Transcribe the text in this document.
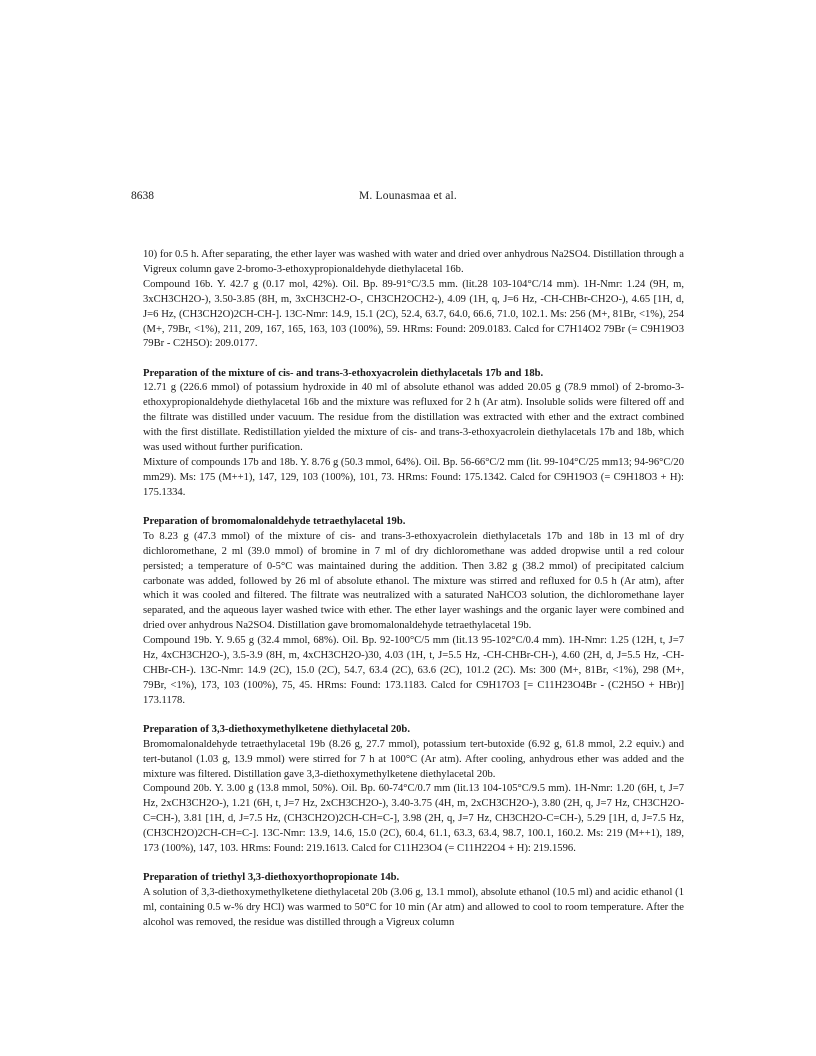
8638	M. Lounasmaa et al.

10) for 0.5 h. After separating, the ether layer was washed with water and dried over anhydrous Na2SO4. Distillation through a Vigreux column gave 2-bromo-3-ethoxypropionaldehyde diethylacetal 16b.

Compound 16b. Y. 42.7 g (0.17 mol, 42%). Oil. Bp. 89-91°C/3.5 mm. (lit.28 103-104°C/14 mm). 1H-Nmr: 1.24 (9H, m, 3xCH3CH2O-), 3.50-3.85 (8H, m, 3xCH3CH2-O-, CH3CH2OCH2-), 4.09 (1H, q, J=6 Hz, -CH-CHBr-CH2O-), 4.65 [1H, d, J=6 Hz, (CH3CH2O)2CH-CH-]. 13C-Nmr: 14.9, 15.1 (2C), 52.4, 63.7, 64.0, 66.6, 71.0, 102.1. Ms: 256 (M+, 81Br, <1%), 254 (M+, 79Br, <1%), 211, 209, 167, 165, 163, 103 (100%), 59. HRms: Found: 209.0183. Calcd for C7H14O2 79Br (= C9H19O3 79Br - C2H5O): 209.0177.

Preparation of the mixture of cis- and trans-3-ethoxyacrolein diethylacetals 17b and 18b.

12.71 g (226.6 mmol) of potassium hydroxide in 40 ml of absolute ethanol was added 20.05 g (78.9 mmol) of 2-bromo-3-ethoxypropionaldehyde diethylacetal 16b and the mixture was refluxed for 2 h (Ar atm). Insoluble solids were filtered off and the filtrate was distilled under vacuum. The residue from the distillation was extracted with ether and the extract combined with the first distillate. Redistillation yielded the mixture of cis- and trans-3-ethoxyacrolein diethylacetals 17b and 18b, which was used without further purification.

Mixture of compounds 17b and 18b. Y. 8.76 g (50.3 mmol, 64%). Oil. Bp. 56-66°C/2 mm (lit. 99-104°C/25 mm13; 94-96°C/20 mm29). Ms: 175 (M++1), 147, 129, 103 (100%), 101, 73. HRms: Found: 175.1342. Calcd for C9H19O3 (= C9H18O3 + H): 175.1334.

Preparation of bromomalonaldehyde tetraethylacetal 19b.

To 8.23 g (47.3 mmol) of the mixture of cis- and trans-3-ethoxyacrolein diethylacetals 17b and 18b in 13 ml of dry dichloromethane, 2 ml (39.0 mmol) of bromine in 7 ml of dry dichloromethane was added dropwise until a red colour persisted; a temperature of 0-5°C was maintained during the addition. Then 3.82 g (38.2 mmol) of precipitated calcium carbonate was added, followed by 26 ml of absolute ethanol. The mixture was stirred and refluxed for 0.5 h (Ar atm), after which it was cooled and filtered. The filtrate was neutralized with a saturated NaHCO3 solution, the dichloromethane layer separated, and the aqueous layer washed twice with ether. The ether layer washings and the organic layer were combined and dried over anhydrous Na2SO4. Distillation gave bromomalonaldehyde tetraethylacetal 19b.

Compound 19b. Y. 9.65 g (32.4 mmol, 68%). Oil. Bp. 92-100°C/5 mm (lit.13 95-102°C/0.4 mm). 1H-Nmr: 1.25 (12H, t, J=7 Hz, 4xCH3CH2O-), 3.5-3.9 (8H, m, 4xCH3CH2O-)30, 4.03 (1H, t, J=5.5 Hz, -CH-CHBr-CH-), 4.60 (2H, d, J=5.5 Hz, -CH-CHBr-CH-). 13C-Nmr: 14.9 (2C), 15.0 (2C), 54.7, 63.4 (2C), 63.6 (2C), 101.2 (2C). Ms: 300 (M+, 81Br, <1%), 298 (M+, 79Br, <1%), 173, 103 (100%), 75, 45. HRms: Found: 173.1183. Calcd for C9H17O3 [= C11H23O4Br - (C2H5O + HBr)] 173.1178.

Preparation of 3,3-diethoxymethylketene diethylacetal 20b.

Bromomalonaldehyde tetraethylacetal 19b (8.26 g, 27.7 mmol), potassium tert-butoxide (6.92 g, 61.8 mmol, 2.2 equiv.) and tert-butanol (1.03 g, 13.9 mmol) were stirred for 7 h at 100°C (Ar atm). After cooling, anhydrous ether was added and the mixture was filtered. Distillation gave 3,3-diethoxymethylketene diethylacetal 20b.

Compound 20b. Y. 3.00 g (13.8 mmol, 50%). Oil. Bp. 60-74°C/0.7 mm (lit.13 104-105°C/9.5 mm). 1H-Nmr: 1.20 (6H, t, J=7 Hz, 2xCH3CH2O-), 1.21 (6H, t, J=7 Hz, 2xCH3CH2O-), 3.40-3.75 (4H, m, 2xCH3CH2O-), 3.80 (2H, q, J=7 Hz, CH3CH2O-C=CH-), 3.81 [1H, d, J=7.5 Hz, (CH3CH2O)2CH-CH=C-], 3.98 (2H, q, J=7 Hz, CH3CH2O-C=CH-), 5.29 [1H, d, J=7.5 Hz, (CH3CH2O)2CH-CH=C-]. 13C-Nmr: 13.9, 14.6, 15.0 (2C), 60.4, 61.1, 63.3, 63.4, 98.7, 100.1, 160.2. Ms: 219 (M++1), 189, 173 (100%), 147, 103. HRms: Found: 219.1613. Calcd for C11H23O4 (= C11H22O4 + H): 219.1596.

Preparation of triethyl 3,3-diethoxyorthopropionate 14b.

A solution of 3,3-diethoxymethylketene diethylacetal 20b (3.06 g, 13.1 mmol), absolute ethanol (10.5 ml) and acidic ethanol (1 ml, containing 0.5 w-% dry HCl) was warmed to 50°C for 10 min (Ar atm) and allowed to cool to room temperature. After the alcohol was removed, the residue was distilled through a Vigreux column
